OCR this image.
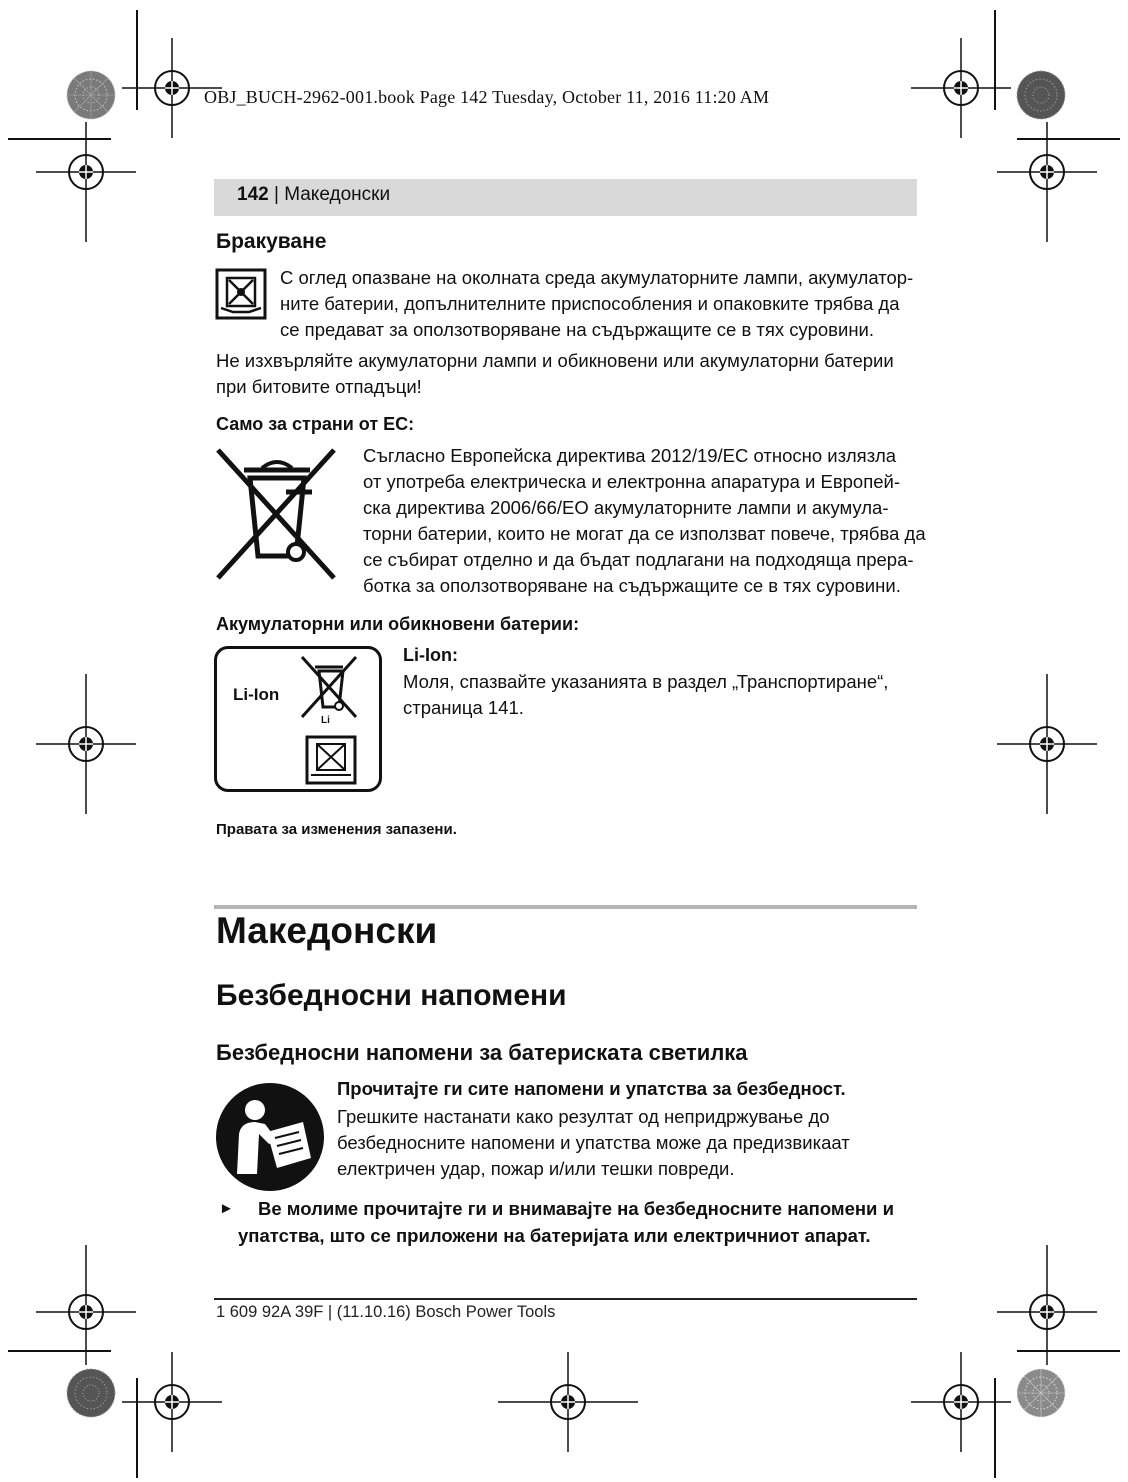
OBJ_BUCH-2962-001.book Page 142 Tuesday, October 11, 2016 11:20 AM
142 | Македонски
Бракуване
С оглед опазване на околната среда акумулаторните лампи, акумулатор-
ните батерии, допълнителните приспособления и опаковките трябва да
се предават за оползотворяване на съдържащите се в тях суровини.
Не изхвърляйте акумулаторни лампи и обикновени или акумулаторни батерии
при битовите отпадъци!
Само за страни от ЕС:
Съгласно Европейска директива 2012/19/ЕС относно излязла
от употреба електрическа и електронна апаратура и Европей-
ска директива 2006/66/ЕО акумулаторните лампи и акумула-
торни батерии, които не могат да се използват повече, трябва да
се събират отделно и да бъдат подлагани на подходяща прера-
ботка за оползотворяване на съдържащите се в тях суровини.
Акумулаторни или обикновени батерии:
Li-Ion
Li
Li-Ion:
Моля, спазвайте указанията в раздел „Транспортиране“,
страница 141.
Правата за изменения запазени.
Македонски
Безбедносни напомени
Безбедносни напомени за батериската светилка
Прочитајте ги сите напомени и упатства за безбедност.
Грешките настанати како резултат од непридржување до
безбедносните напомени и упатства може да предизвикаат
електричен удар, пожар и/или тешки повреди.
► Ве молиме прочитајте ги и внимавајте на безбедносните напомени и
упатства, што се приложени на батеријата или електричниот апарат.
1 609 92A 39F | (11.10.16) Bosch Power Tools
